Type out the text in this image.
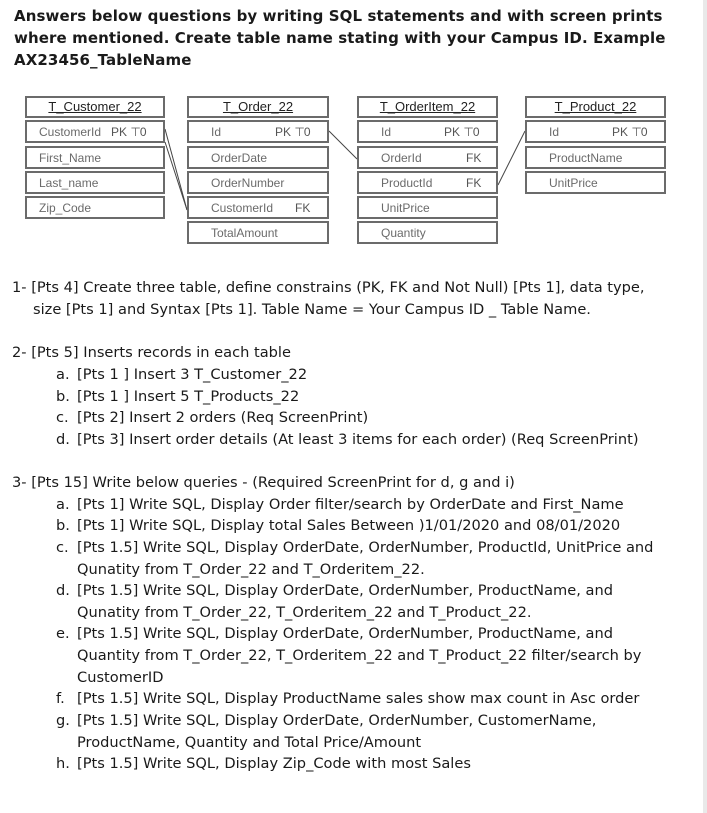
Answers below questions by writing SQL statements and with screen prints
where mentioned. Create table name stating with your Campus ID. Example
AX23456_TableName
T_Customer_22
CustomerId PK ⊤0
First_Name
Last_name
Zip_Code
T_Order_22
Id	PK ⊤0
OrderDate
OrderNumber
CustomerId FK
TotalAmount
T_OrderItem_22
Id	PK ⊤0
OrderId	FK
ProductId	FK
UnitPrice
Quantity
T_Product_22
Id	PK ⊤0
ProductName
UnitPrice
1- [Pts 4] Create three table, define constrains (PK, FK and Not Null) [Pts 1], data type,
size [Pts 1] and Syntax [Pts 1]. Table Name = Your Campus ID _ Table Name.
2- [Pts 5] Inserts records in each table
a. [Pts 1 ] Insert 3 T_Customer_22
b. [Pts 1 ] Insert 5 T_Products_22
c. [Pts 2] Insert 2 orders (Req ScreenPrint)
d. [Pts 3] Insert order details (At least 3 items for each order) (Req ScreenPrint)
3- [Pts 15] Write below queries - (Required ScreenPrint for d, g and i)
a. [Pts 1] Write SQL, Display Order filter/search by OrderDate and First_Name
b. [Pts 1] Write SQL, Display total Sales Between )1/01/2020 and 08/01/2020
c. [Pts 1.5] Write SQL, Display OrderDate, OrderNumber, ProductId, UnitPrice and
Qunatity from T_Order_22 and T_Orderitem_22.
d. [Pts 1.5] Write SQL, Display OrderDate, OrderNumber, ProductName, and
Qunatity from T_Order_22, T_Orderitem_22 and T_Product_22.
e. [Pts 1.5] Write SQL, Display OrderDate, OrderNumber, ProductName, and
Quantity from T_Order_22, T_Orderitem_22 and T_Product_22 filter/search by
CustomerID
f. [Pts 1.5] Write SQL, Display ProductName sales show max count in Asc order
g. [Pts 1.5] Write SQL, Display OrderDate, OrderNumber, CustomerName,
ProductName, Quantity and Total Price/Amount
h. [Pts 1.5] Write SQL, Display Zip_Code with most Sales
